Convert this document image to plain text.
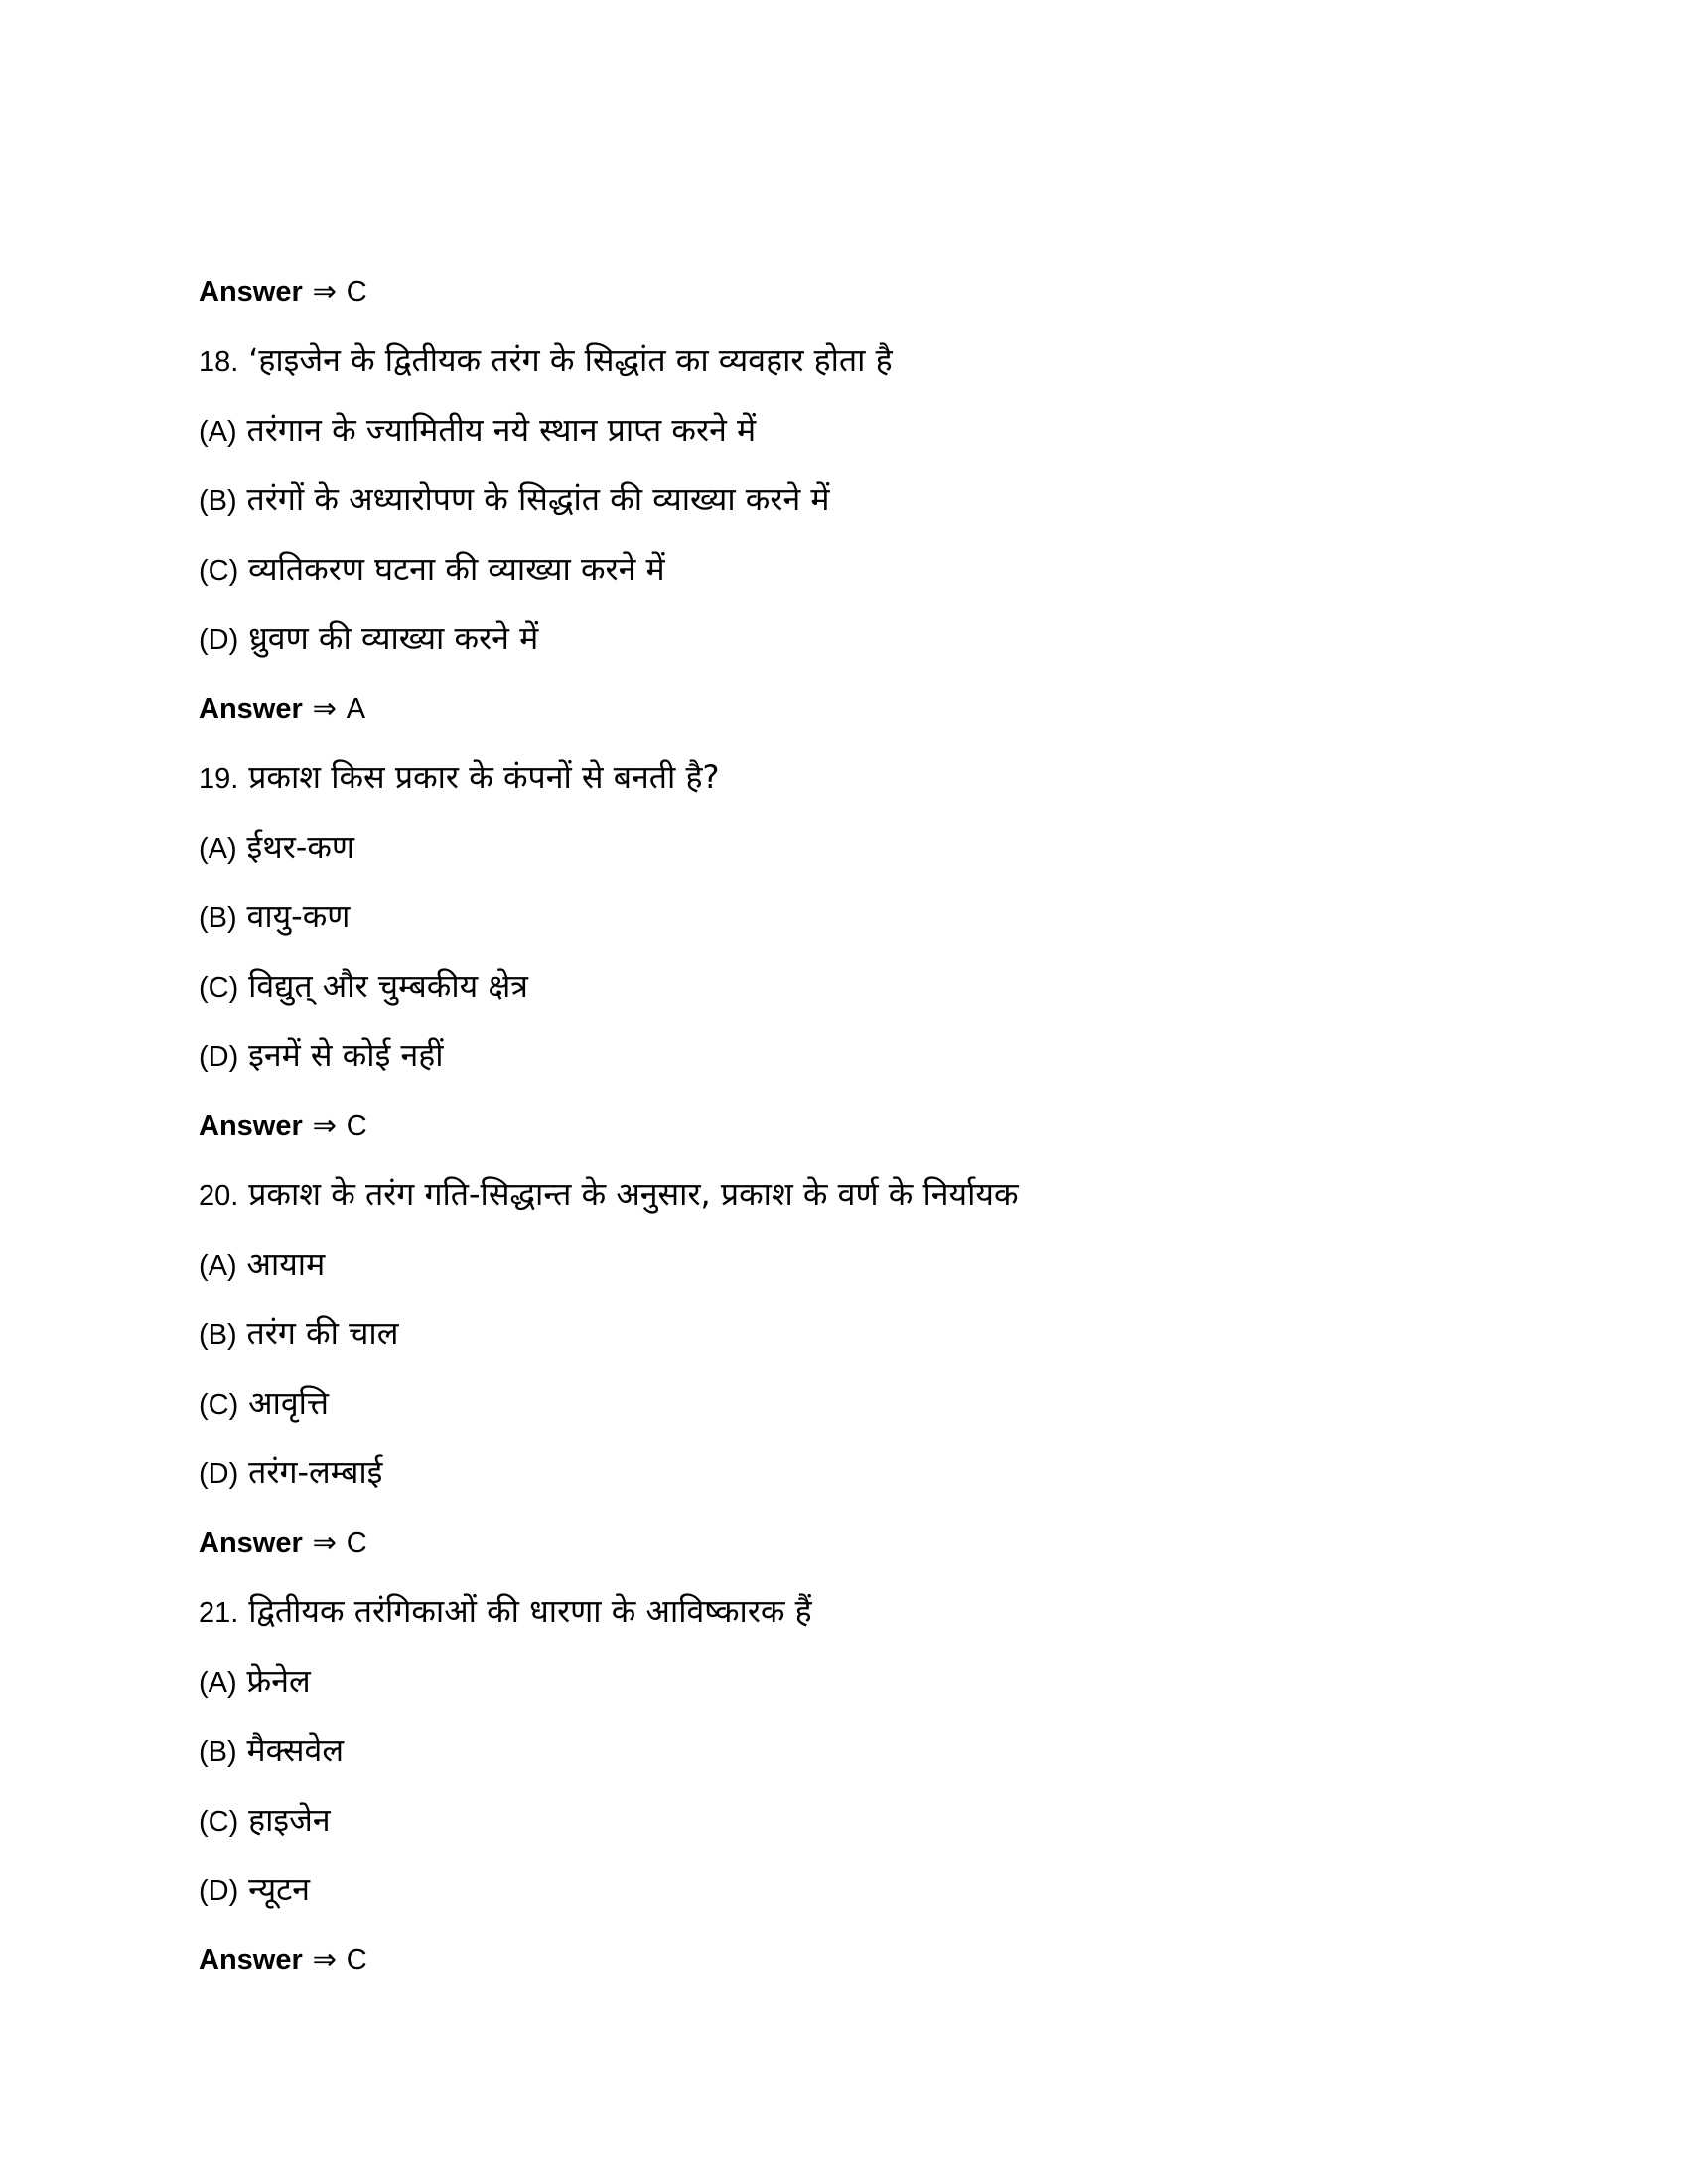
Answer ⇒ C
18. ‘हाइजेन के द्वितीयक तरंग के सिद्धांत का व्यवहार होता है
(A) तरंगान के ज्यामितीय नये स्थान प्राप्त करने में
(B) तरंगों के अध्यारोपण के सिद्धांत की व्याख्या करने में
(C) व्यतिकरण घटना की व्याख्या करने में
(D) ध्रुवण की व्याख्या करने में
Answer ⇒ A
19. प्रकाश किस प्रकार के कंपनों से बनती है?
(A) ईथर-कण
(B) वायु-कण
(C) विद्युत् और चुम्बकीय क्षेत्र
(D) इनमें से कोई नहीं
Answer ⇒ C
20. प्रकाश के तरंग गति-सिद्धान्त के अनुसार, प्रकाश के वर्ण के निर्यायक
(A) आयाम
(B) तरंग की चाल
(C) आवृत्ति
(D) तरंग-लम्बाई
Answer ⇒ C
21. द्वितीयक तरंगिकाओं की धारणा के आविष्कारक हैं
(A) फ्रेनेल
(B) मैक्सवेल
(C) हाइजेन
(D) न्यूटन
Answer ⇒ C
